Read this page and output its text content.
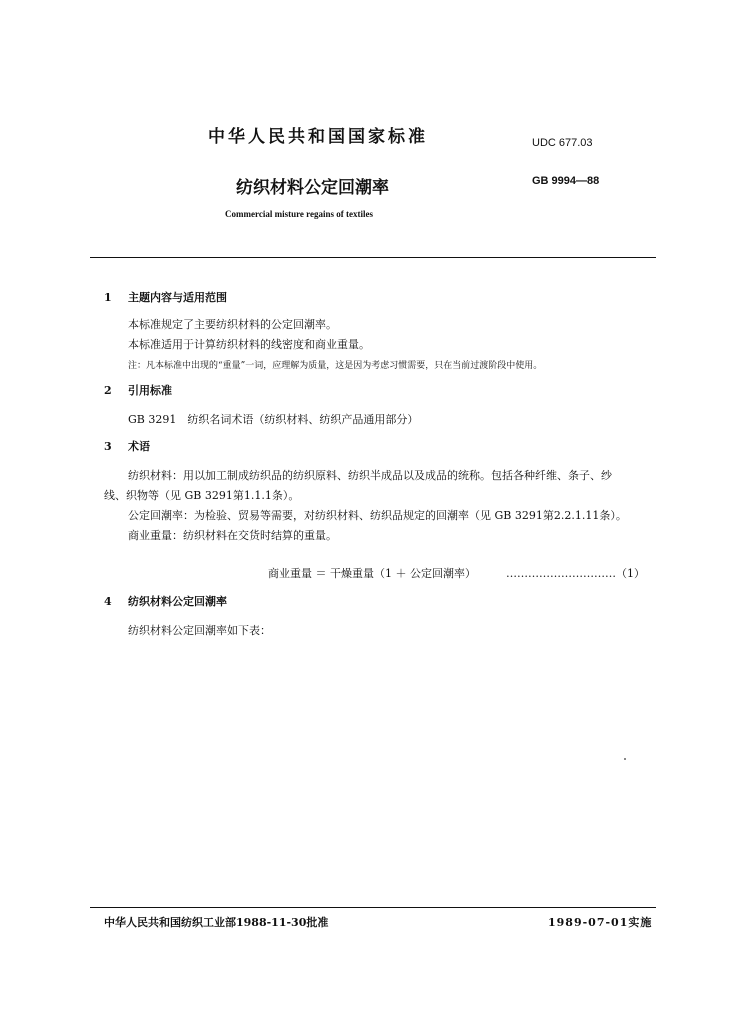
中华人民共和国国家标准	UDC 677.03
纺织材料公定回潮率	GB 9994—88
Commercial misture regains of textiles
1 主题内容与适用范围
本标准规定了主要纺织材料的公定回潮率。
本标准适用于计算纺织材料的线密度和商业重量。
注：凡本标准中出现的“重量”一词，应理解为质量，这是因为考虑习惯需要，只在当前过渡阶段中使用。
2 引用标准
GB 3291　纺织名词术语（纺织材料、纺织产品通用部分）
3 术语
纺织材料：用以加工制成纺织品的纺织原料、纺织半成品以及成品的统称。包括各种纤维、条子、纱
线、织物等（见 GB 3291第1.1.1条）。
公定回潮率：为检验、贸易等需要，对纺织材料、纺织品规定的回潮率（见 GB 3291第2.2.1.11条）。
商业重量：纺织材料在交货时结算的重量。
商业重量 ＝ 干燥重量（1 ＋ 公定回潮率）	…………………………（1）
4 纺织材料公定回潮率
纺织材料公定回潮率如下表：
中华人民共和国纺织工业部1988-11-30批准	1989-07-01实施
